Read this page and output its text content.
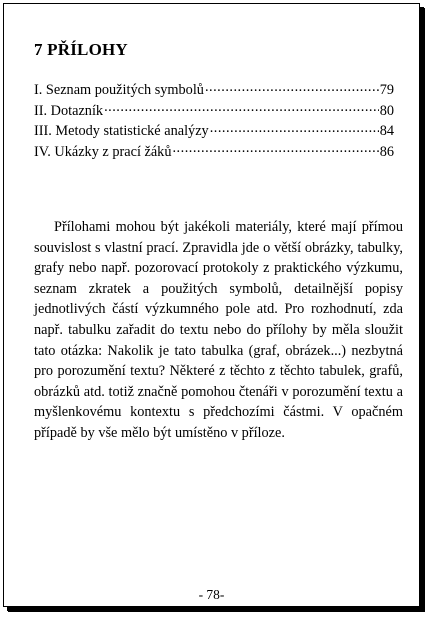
7 PŘÍLOHY
I. Seznam použitých symbolů .....	79
II. Dotazník .....	80
III. Metody statistické analýzy .....	84
IV. Ukázky z prací žáků .....	86

Přílohami mohou být jakékoli materiály, které mají přímou souvislost s vlastní prací. Zpravidla jde o větší obrázky, tabulky, grafy nebo např. pozorovací protokoly z praktického výzkumu, seznam zkratek a použitých symbolů, detailnější popisy jednotlivých částí výzkumného pole atd. Pro rozhodnutí, zda např. tabulku zařadit do textu nebo do přílohy by měla sloužit tato otázka: Nakolik je tato tabulka (graf, obrázek...) nezbytná pro porozumění textu? Některé z těchto z těchto tabulek, grafů, obrázků atd. totiž značně pomohou čtenáři v porozumění textu a myšlenkovému kontextu s předchozími částmi. V opačném případě by vše mělo být umístěno v příloze.

- 78-
